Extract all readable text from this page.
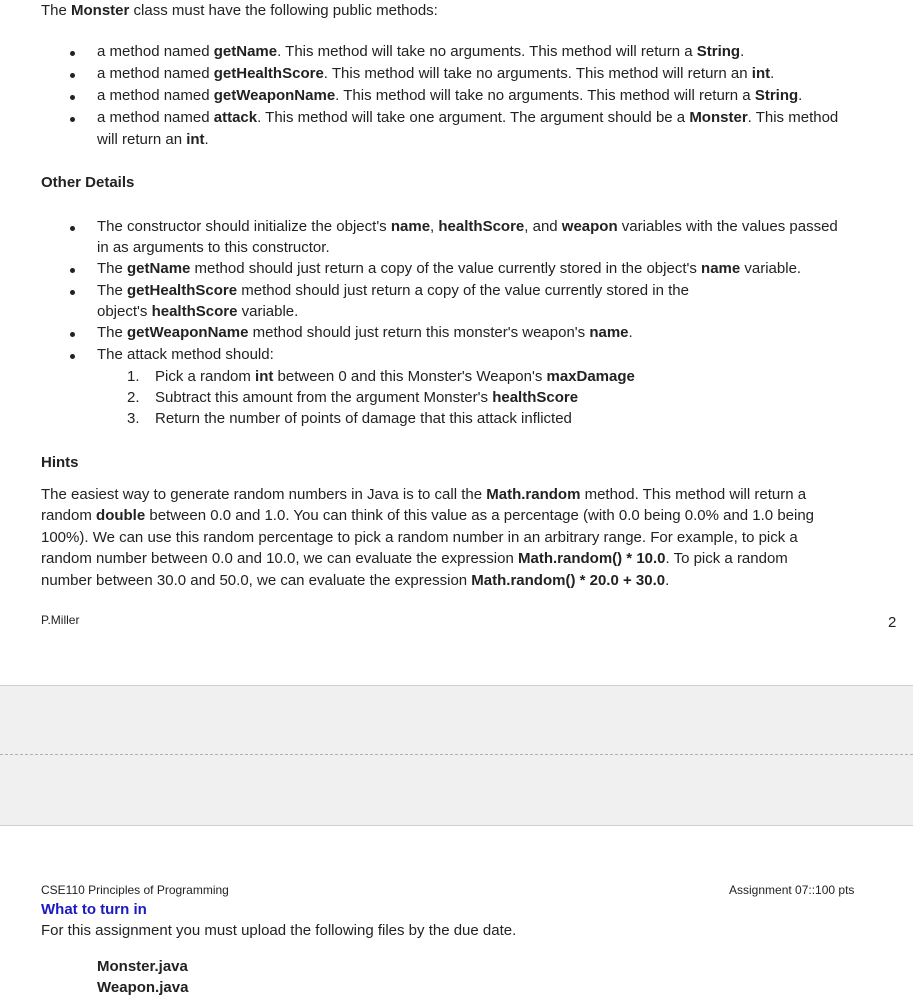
The Monster class must have the following public methods:
a method named getName. This method will take no arguments. This method will return a String.
a method named getHealthScore. This method will take no arguments. This method will return an int.
a method named getWeaponName. This method will take no arguments. This method will return a String.
a method named attack. This method will take one argument. The argument should be a Monster. This method
will return an int.
Other Details
The constructor should initialize the object's name, healthScore, and weapon variables with the values passed
in as arguments to this constructor.
The getName method should just return a copy of the value currently stored in the object's name variable.
The getHealthScore method should just return a copy of the value currently stored in the
object's healthScore variable.
The getWeaponName method should just return this monster's weapon's name.
The attack method should:
1. Pick a random int between 0 and this Monster's Weapon's maxDamage
2. Subtract this amount from the argument Monster's healthScore
3. Return the number of points of damage that this attack inflicted
Hints
The easiest way to generate random numbers in Java is to call the Math.random method. This method will return a
random double between 0.0 and 1.0. You can think of this value as a percentage (with 0.0 being 0.0% and 1.0 being
100%). We can use this random percentage to pick a random number in an arbitrary range. For example, to pick a
random number between 0.0 and 10.0, we can evaluate the expression Math.random() * 10.0. To pick a random
number between 30.0 and 50.0, we can evaluate the expression Math.random() * 20.0 + 30.0.
P.Miller	2
CSE110 Principles of Programming	Assignment 07::100 pts
What to turn in
For this assignment you must upload the following files by the due date.
Monster.java
Weapon.java
